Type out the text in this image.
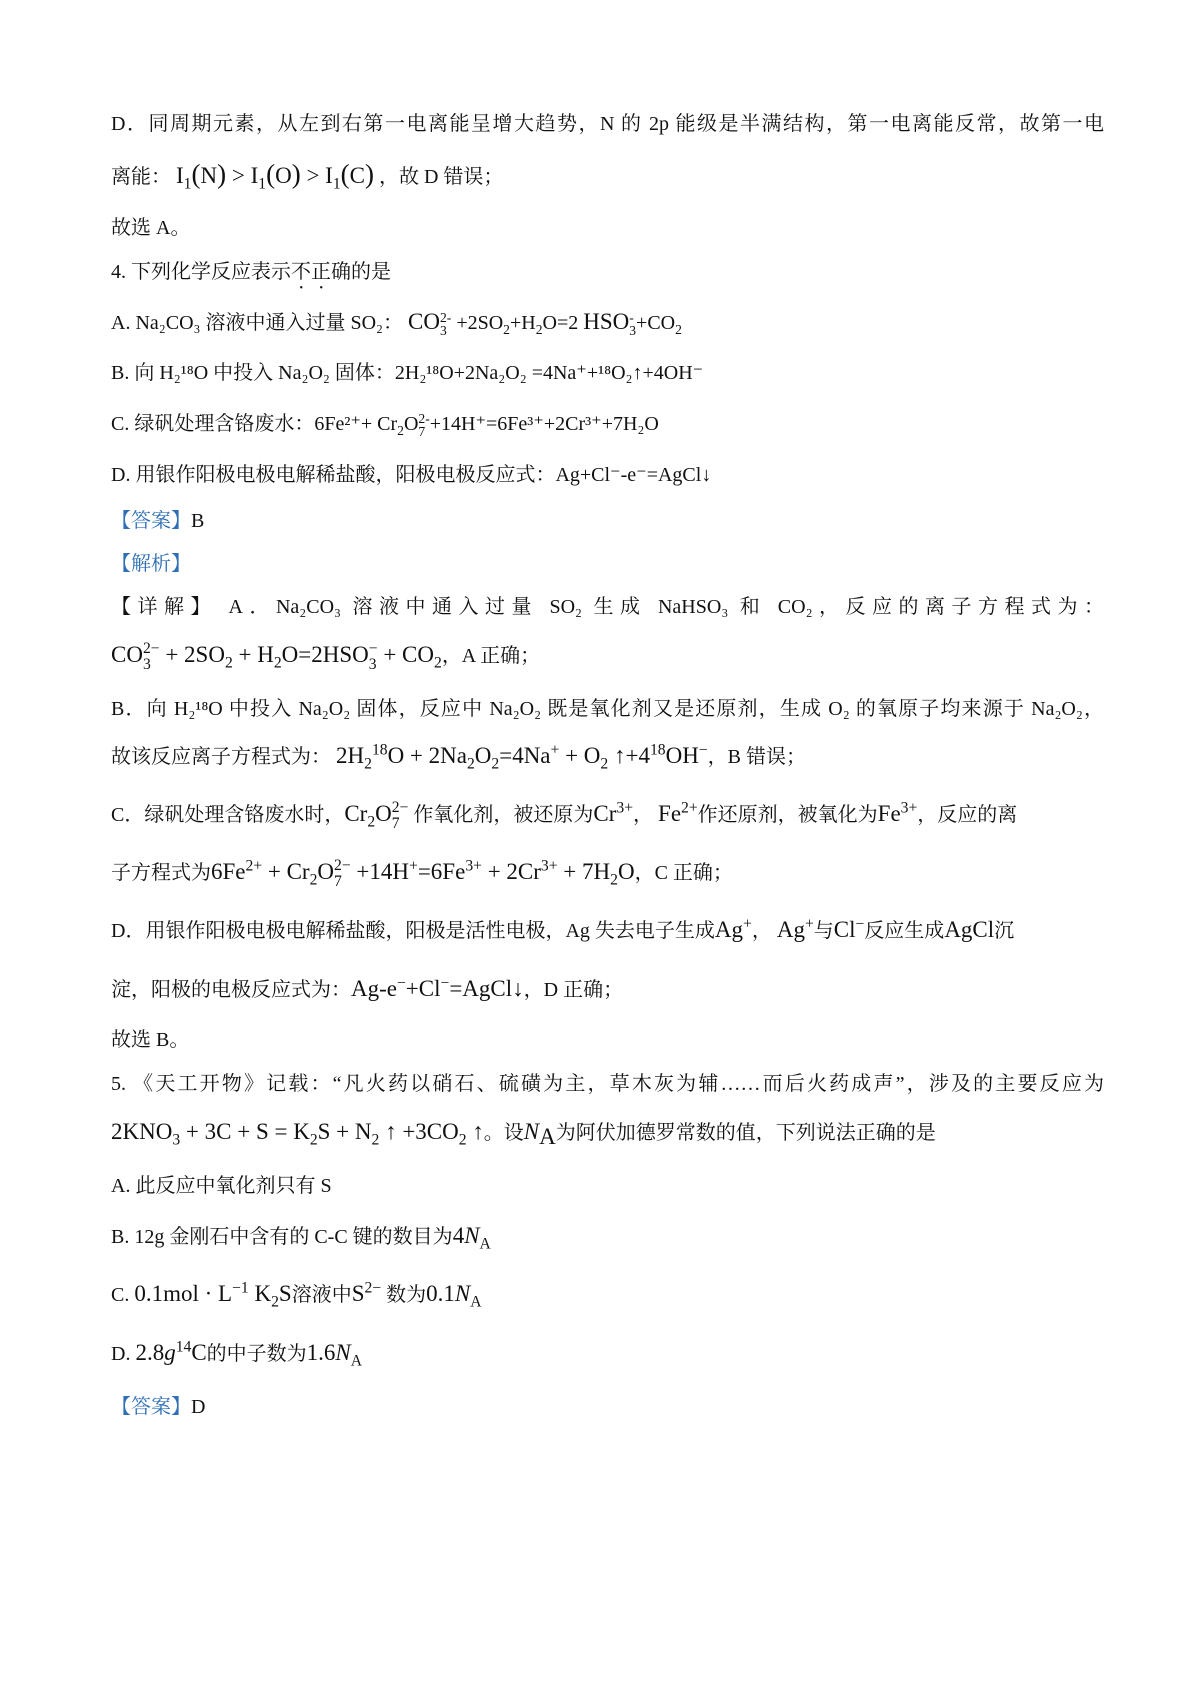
D．同周期元素，从左到右第一电离能呈增大趋势，N 的 2p 能级是半满结构，第一电离能反常，故第一电
离能： $I_1(N) > I_1(O) > I_1(C)$ ，故 D 错误；
故选 A。
4. 下列化学反应表示不正确的是
A. Na₂CO₃ 溶液中通入过量 SO₂： CO 2-
$3 +2SO_2+H_2O=2$ HSO -
$3 +CO_2$
B. 向 H₂¹⁸O 中投入 Na₂O₂ 固体：2H₂¹⁸O+2Na₂O₂ =4Na⁺+¹⁸O₂↑+4OH⁻
C. 绿矾处理含铬废水：$6Fe^{2+}+ Cr_2O$ 2-
7 +14H⁺=6Fe³⁺+2Cr³⁺+7H₂O
D. 用银作阳极电极电解稀盐酸，阳极电极反应式：Ag+Cl⁻-e⁻=AgCl↓
【答案】B
【解析】
【详解】 A．Na₂CO₃ 溶液中通入过量 SO₂ 生成 NaHSO₃ 和 CO₂，反应的离子方程式为：
CO 2−
$3 + 2SO_2 + H_2O=2HSO$ −
$3 + CO_2$，A 正确；
B．向 H₂¹⁸O 中投入 Na₂O₂ 固体，反应中 Na₂O₂ 既是氧化剂又是还原剂，生成 O₂ 的氧原子均来源于 Na₂O₂，
故该反应离子方程式为： $2H_2^{18}O + 2Na_2O_2=4Na^+ + O_2$ $↑+4^{18}OH^-$，B 错误；
C．绿矾处理含铬废水时，$Cr_2O$ 2−
7 作氧化剂，被还原为$Cr^{3+}$， $Fe^{2+}$作还原剂，被氧化为$Fe^{3+}$，反应的离
子方程式为$6Fe^{2+} + Cr_2O$ 2−
$7 +14H^+=6Fe^{3+} + 2Cr^{3+} + 7H_2O$，C 正确；
D．用银作阳极电极电解稀盐酸，阳极是活性电极，Ag 失去电子生成Ag+， Ag+与Cl−反应生成AgCl沉
淀，阳极的电极反应式为：Ag-e−+Cl−=AgCl↓，D 正确；
故选 B。
5. 《天工开物》记载：“凡火药以硝石、硫磺为主，草木灰为辅……而后火药成声”，涉及的主要反应为
$2KNO_3 + 3C + S = K_2S + N_2$ ↑ $+3CO_2$ ↑。设$N_A$为阿伏加德罗常数的值，下列说法正确的是
A. 此反应中氧化剂只有 S
B. 12g 金刚石中含有的 C-C 键的数目为$4N_A$
C. $0.1mol \cdot L^{-1}$ $K_2S$溶液中$S^{2-}$ 数为$0.1N_A$
D. $2.8g^{14}C$的中子数为$1.6N_A$
【答案】D
